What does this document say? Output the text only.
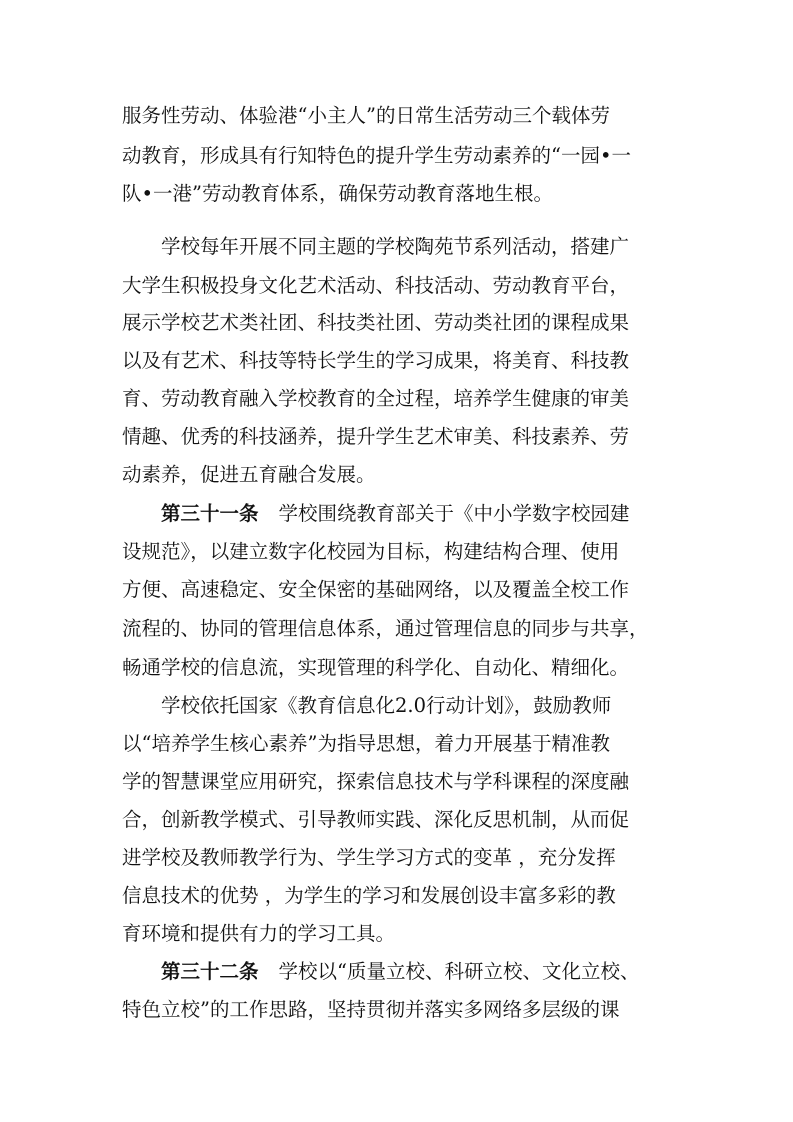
服务性劳动、体验港“小主人”的日常生活劳动三个载体劳
动教育，形成具有行知特色的提升学生劳动素养的“一园•一
队•一港”劳动教育体系，确保劳动教育落地生根。
学校每年开展不同主题的学校陶苑节系列活动，搭建广
大学生积极投身文化艺术活动、科技活动、劳动教育平台，
展示学校艺术类社团、科技类社团、劳动类社团的课程成果
以及有艺术、科技等特长学生的学习成果，将美育、科技教
育、劳动教育融入学校教育的全过程，培养学生健康的审美
情趣、优秀的科技涵养，提升学生艺术审美、科技素养、劳
动素养，促进五育融合发展。
第三十一条 学校围绕教育部关于《中小学数字校园建
设规范》，以建立数字化校园为目标，构建结构合理、使用
方便、高速稳定、安全保密的基础网络，以及覆盖全校工作
流程的、协同的管理信息体系，通过管理信息的同步与共享，
畅通学校的信息流，实现管理的科学化、自动化、精细化。
学校依托国家《教育信息化2.0行动计划》，鼓励教师
以“培养学生核心素养”为指导思想，着力开展基于精准教
学的智慧课堂应用研究，探索信息技术与学科课程的深度融
合，创新教学模式、引导教师实践、深化反思机制，从而促
进学校及教师教学行为、学生学习方式的变革 ，充分发挥
信息技术的优势 ，为学生的学习和发展创设丰富多彩的教
育环境和提供有力的学习工具。
第三十二条 学校以“质量立校、科研立校、文化立校、
特色立校”的工作思路，坚持贯彻并落实多网络多层级的课
